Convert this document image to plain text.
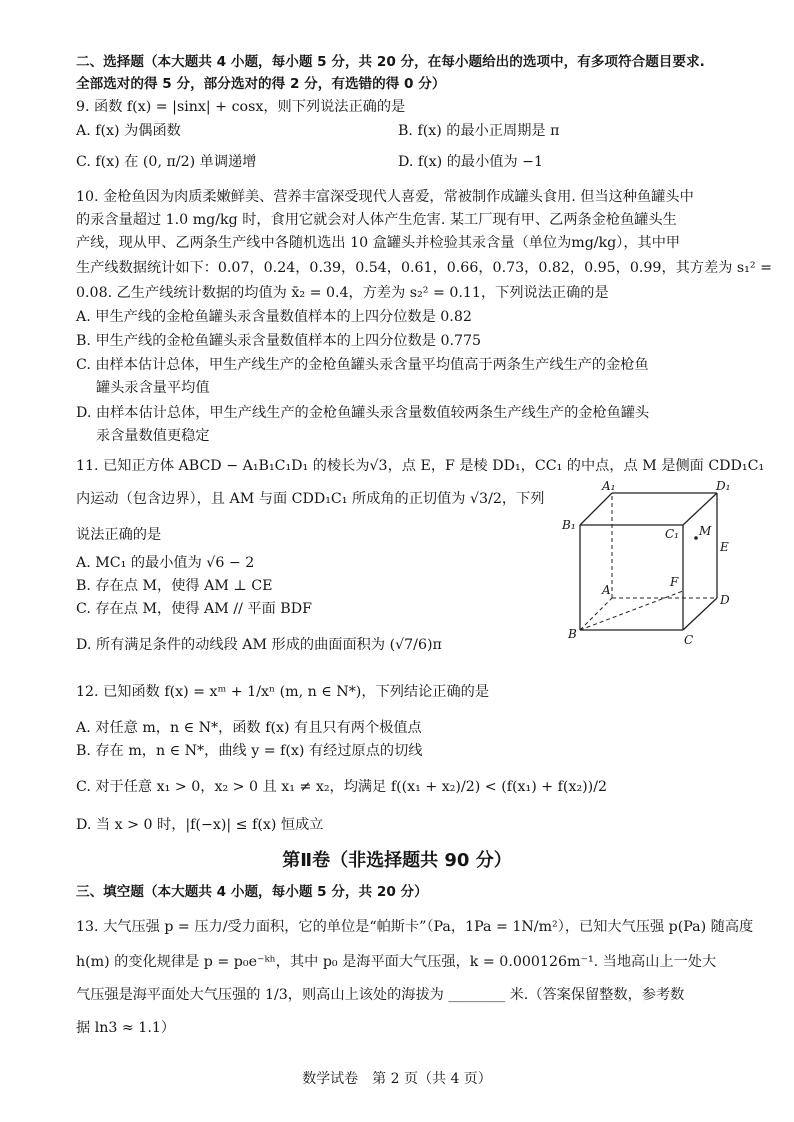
二、选择题（本大题共 4 小题，每小题 5 分，共 20 分，在每小题给出的选项中，有多项符合题目要求.
全部选对的得 5 分，部分选对的得 2 分，有选错的得 0 分）
9. 函数 f(x) = |sinx| + cosx，则下列说法正确的是
A. f(x) 为偶函数	B. f(x) 的最小正周期是 π
C. f(x) 在 (0, π/2) 单调递增	D. f(x) 的最小值为 −1
10. 金枪鱼因为肉质柔嫩鲜美、营养丰富深受现代人喜爱，常被制作成罐头食用. 但当这种鱼罐头中
的汞含量超过 1.0 mg/kg 时，食用它就会对人体产生危害. 某工厂现有甲、乙两条金枪鱼罐头生
产线，现从甲、乙两条生产线中各随机选出 10 盒罐头并检验其汞含量（单位为mg/kg），其中甲
生产线数据统计如下：0.07，0.24，0.39，0.54，0.61，0.66，0.73，0.82，0.95，0.99，其方差为 s₁² =
0.08. 乙生产线统计数据的均值为 x̄₂ = 0.4，方差为 s₂² = 0.11，下列说法正确的是
A. 甲生产线的金枪鱼罐头汞含量数值样本的上四分位数是 0.82
B. 甲生产线的金枪鱼罐头汞含量数值样本的上四分位数是 0.775
C. 由样本估计总体，甲生产线生产的金枪鱼罐头汞含量平均值高于两条生产线生产的金枪鱼
罐头汞含量平均值
D. 由样本估计总体，甲生产线生产的金枪鱼罐头汞含量数值较两条生产线生产的金枪鱼罐头
汞含量数值更稳定
11. 已知正方体 ABCD − A₁B₁C₁D₁ 的棱长为√3，点 E，F 是棱 DD₁，CC₁ 的中点，点 M 是侧面 CDD₁C₁
内运动（包含边界），且 AM 与面 CDD₁C₁ 所成角的正切值为 √3/2，下列
说法正确的是
A. MC₁ 的最小值为 √6 − 2
B. 存在点 M，使得 AM ⊥ CE
C. 存在点 M，使得 AM // 平面 BDF
D. 所有满足条件的动线段 AM 形成的曲面面积为 (√7/6)π
A₁	D₁
B₁
C₁ M
E
F
A
D
B	C
12. 已知函数 f(x) = xᵐ + 1/xⁿ (m, n ∈ N*)，下列结论正确的是
A. 对任意 m，n ∈ N*，函数 f(x) 有且只有两个极值点
B. 存在 m，n ∈ N*，曲线 y = f(x) 有经过原点的切线
C. 对于任意 x₁ > 0，x₂ > 0 且 x₁ ≠ x₂，均满足 f((x₁ + x₂)/2) < (f(x₁) + f(x₂))/2
D. 当 x > 0 时，|f(−x)| ≤ f(x) 恒成立
第Ⅱ卷（非选择题共 90 分）
三、填空题（本大题共 4 小题，每小题 5 分，共 20 分）
13. 大气压强 p = 压力/受力面积，它的单位是“帕斯卡”（Pa，1Pa = 1N/m²），已知大气压强 p(Pa) 随高度
h(m) 的变化规律是 p = p₀e⁻ᵏʰ，其中 p₀ 是海平面大气压强，k = 0.000126m⁻¹. 当地高山上一处大
气压强是海平面处大气压强的 1/3，则高山上该处的海拔为 ________ 米.（答案保留整数，参考数
据 ln3 ≈ 1.1）
数学试卷　第 2 页（共 4 页）
